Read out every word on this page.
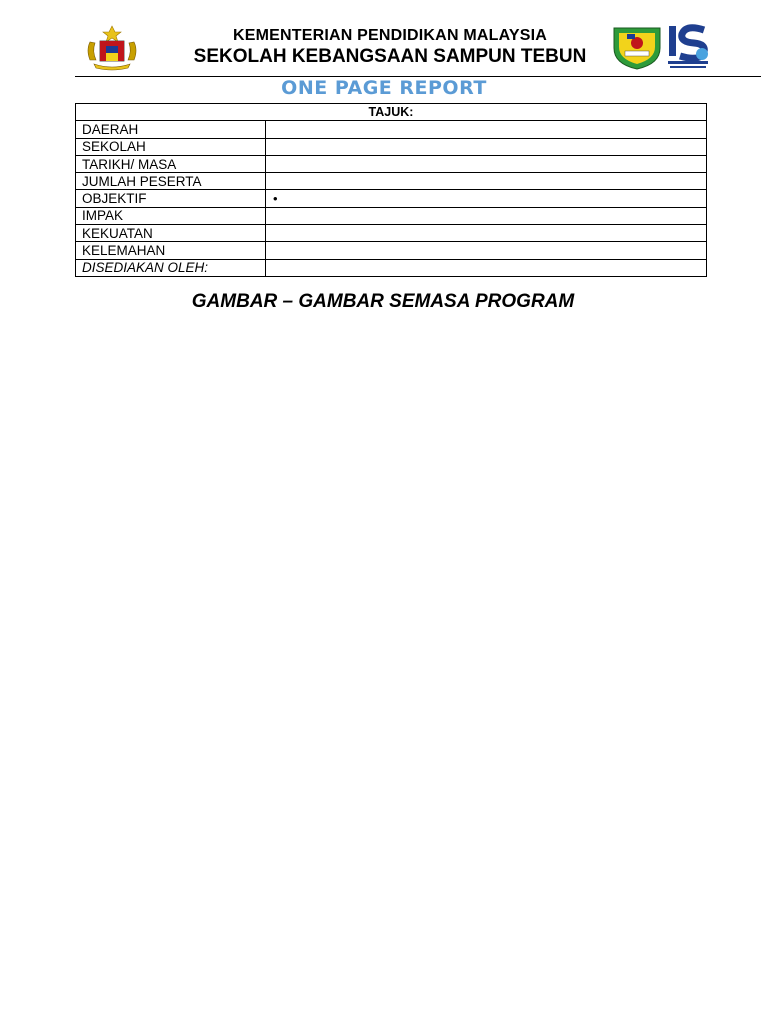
KEMENTERIAN PENDIDIKAN MALAYSIA
SEKOLAH KEBANGSAAN SAMPUN TEBUN
ONE PAGE REPORT
TAJUK:	
DAERAH	
SEKOLAH	
TARIKH/ MASA	
JUMLAH PESERTA	
OBJEKTIF	•
IMPAK	
KEKUATAN	
KELEMAHAN	
DISEDIAKAN OLEH:	
GAMBAR – GAMBAR SEMASA PROGRAM
